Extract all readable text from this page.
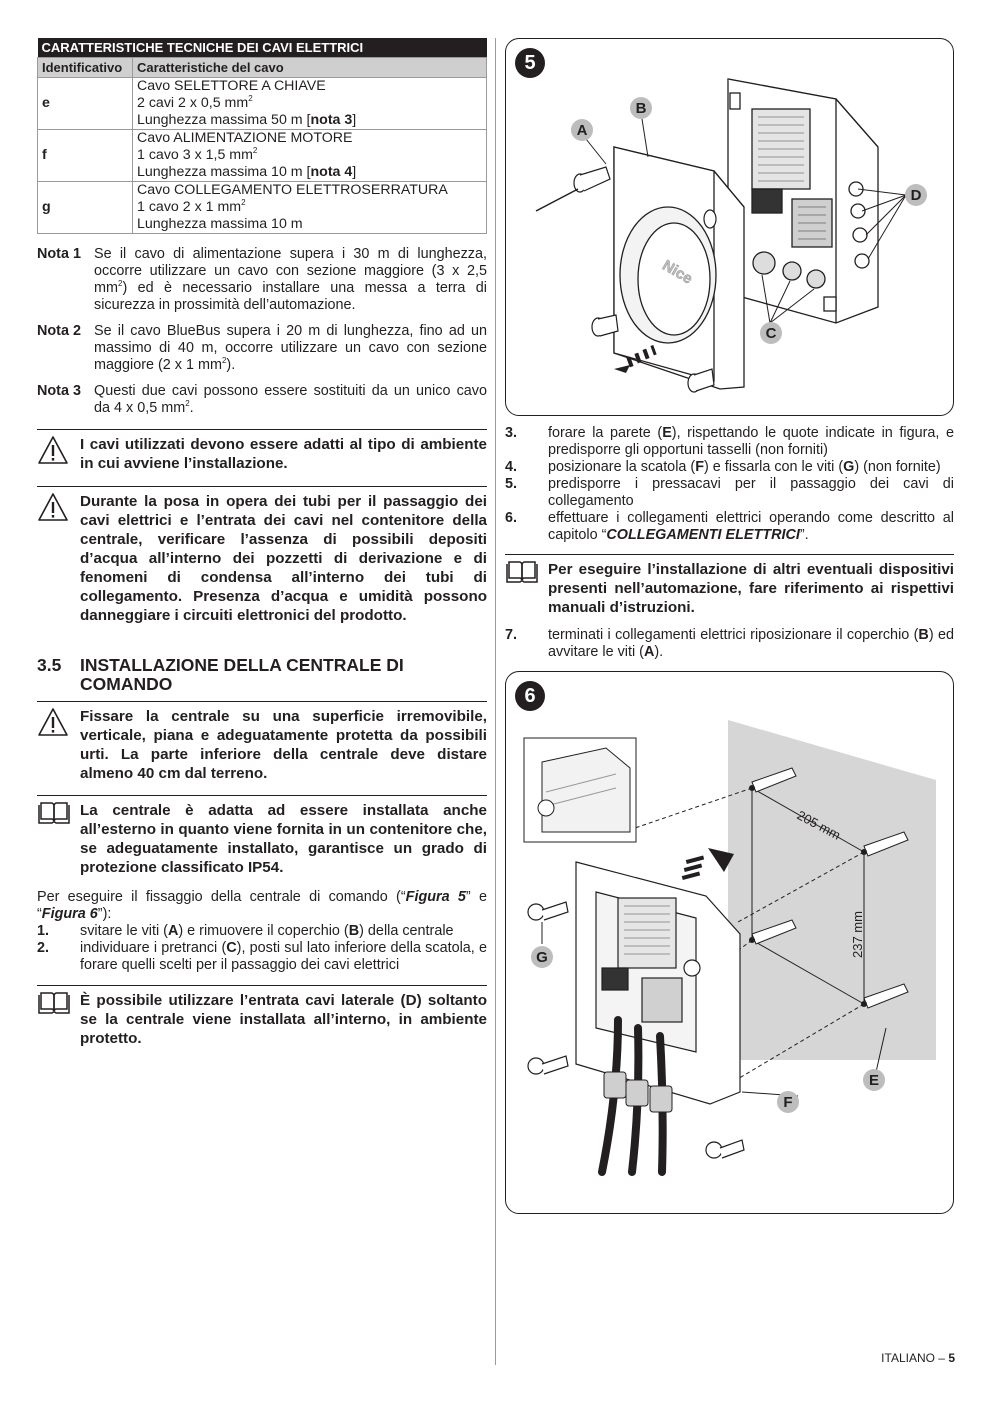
CARATTERISTICHE TECNICHE DEI CAVI ELETTRICI	
Identificativo	Caratteristiche del cavo
e	Cavo SELETTORE A CHIAVE
2 cavi 2 x 0,5 $mm^2$
Lunghezza massima 50 m [nota 3]

f	Cavo ALIMENTAZIONE MOTORE
1 cavo 3 x 1,5 $mm^2$
Lunghezza massima 10 m [nota 4]

g	Cavo COLLEGAMENTO ELETTROSERRATURA
1 cavo 2 x 1 $mm^2$
Lunghezza massima 10 m
Nota 1 Se il cavo di alimentazione supera i 30 m di lunghezza, occorre utilizzare un cavo con sezione maggiore (3 x 2,5 $mm^2$) ed è necessario installare una messa a terra di sicurezza in prossimità dell’automazione.
Nota 2 Se il cavo BlueBus supera i 20 m di lunghezza, fino ad un massimo di 40 m, occorre utilizzare un cavo con sezione maggiore (2 x 1 $mm^2$).
Nota 3 Questi due cavi possono essere sostituiti da un unico cavo da 4 x 0,5 $mm^2$.
I cavi utilizzati devono essere adatti al tipo di ambiente in cui avviene l’installazione.
Durante la posa in opera dei tubi per il passaggio dei cavi elettrici e l’entrata dei cavi nel contenitore della centrale, verificare l’assenza di possibili depositi d’acqua all’interno dei pozzetti di derivazione e di fenomeni di condensa all’interno dei tubi di collegamento. Presenza d’acqua e umidità possono danneggiare i circuiti elettronici del prodotto.
3.5	INSTALLAZIONE DELLA CENTRALE DI COMANDO
Fissare la centrale su una superficie irremovibile, verticale, piana e adeguatamente protetta da possibili urti. La parte inferiore della centrale deve distare almeno 40 cm dal terreno.
La centrale è adatta ad essere installata anche all’esterno in quanto viene fornita in un contenitore che, se adeguatamente installato, garantisce un grado di protezione classificato IP54.

Per eseguire il fissaggio della centrale di comando (“Figura 5” e “Figura 6”):

1.	svitare le viti (A) e rimuovere il coperchio (B) della centrale
2.	individuare i pretranci (C), posti sul lato inferiore della scatola, e forare quelli scelti per il passaggio dei cavi elettrici
È possibile utilizzare l’entrata cavi laterale (D) soltanto se la centrale viene installata all’interno, in ambiente protetto.
5
Nice
A
B
D
C
3.	forare la parete (E), rispettando le quote indicate in figura, e predisporre gli opportuni tasselli (non forniti)
4.	posizionare la scatola (F) e fissarla con le viti (G) (non fornite)
5.	predisporre i pressacavi per il passaggio dei cavi di collegamento
6.	effettuare i collegamenti elettrici operando come descritto al capitolo “COLLEGAMENTI ELETTRICI”.
Per eseguire l’installazione di altri eventuali dispositivi presenti nell’automazione, fare riferimento ai rispettivi manuali d’istruzioni.
7.	terminati i collegamenti elettrici riposizionare il coperchio (B) ed avvitare le viti (A).
6
205 mm
237 mm
G
E
F
ITALIANO – 5
